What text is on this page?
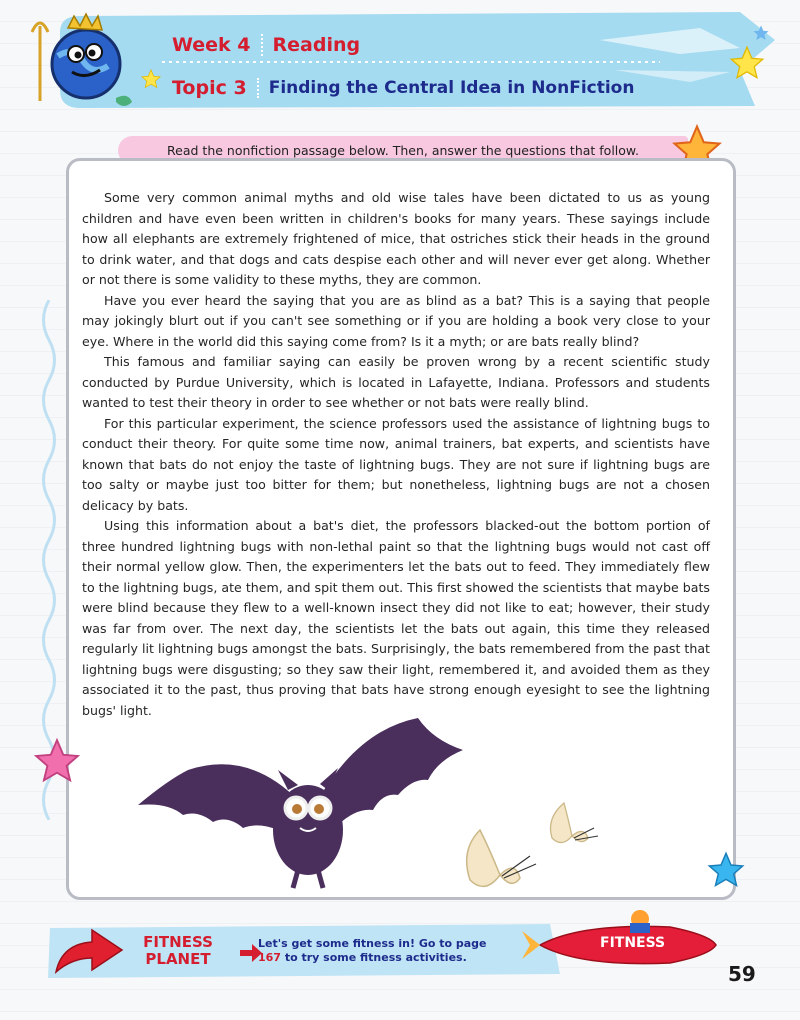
Week 4	Reading
Topic 3	Finding the Central Idea in NonFiction
Read the nonfiction passage below. Then, answer the questions that follow.

Some very common animal myths and old wise tales have been dictated to us as young children and have even been written in children's books for many years. These sayings include how all elephants are extremely frightened of mice, that ostriches stick their heads in the ground to drink water, and that dogs and cats despise each other and will never ever get along. Whether or not there is some validity to these myths, they are common.

Have you ever heard the saying that you are as blind as a bat? This is a saying that people may jokingly blurt out if you can't see something or if you are holding a book very close to your eye. Where in the world did this saying come from? Is it a myth; or are bats really blind?

This famous and familiar saying can easily be proven wrong by a recent scientific study conducted by Purdue University, which is located in Lafayette, Indiana. Professors and students wanted to test their theory in order to see whether or not bats were really blind.

For this particular experiment, the science professors used the assistance of lightning bugs to conduct their theory. For quite some time now, animal trainers, bat experts, and scientists have known that bats do not enjoy the taste of lightning bugs. They are not sure if lightning bugs are too salty or maybe just too bitter for them; but nonetheless, lightning bugs are not a chosen delicacy by bats.

Using this information about a bat's diet, the professors blacked-out the bottom portion of three hundred lightning bugs with non-lethal paint so that the lightning bugs would not cast off their normal yellow glow. Then, the experimenters let the bats out to feed. They immediately flew to the lightning bugs, ate them, and spit them out. This first showed the scientists that maybe bats were blind because they flew to a well-known insect they did not like to eat; however, their study was far from over. The next day, the scientists let the bats out again, this time they released regularly lit lightning bugs amongst the bats. Surprisingly, the bats remembered from the past that lightning bugs were disgusting; so they saw their light, remembered it, and avoided them as they associated it to the past, thus proving that bats have strong enough eyesight to see the lightning bugs' light.

FITNESS
PLANET
Let's get some fitness in! Go to page
167 to try some fitness activities.
FITNESS
59
